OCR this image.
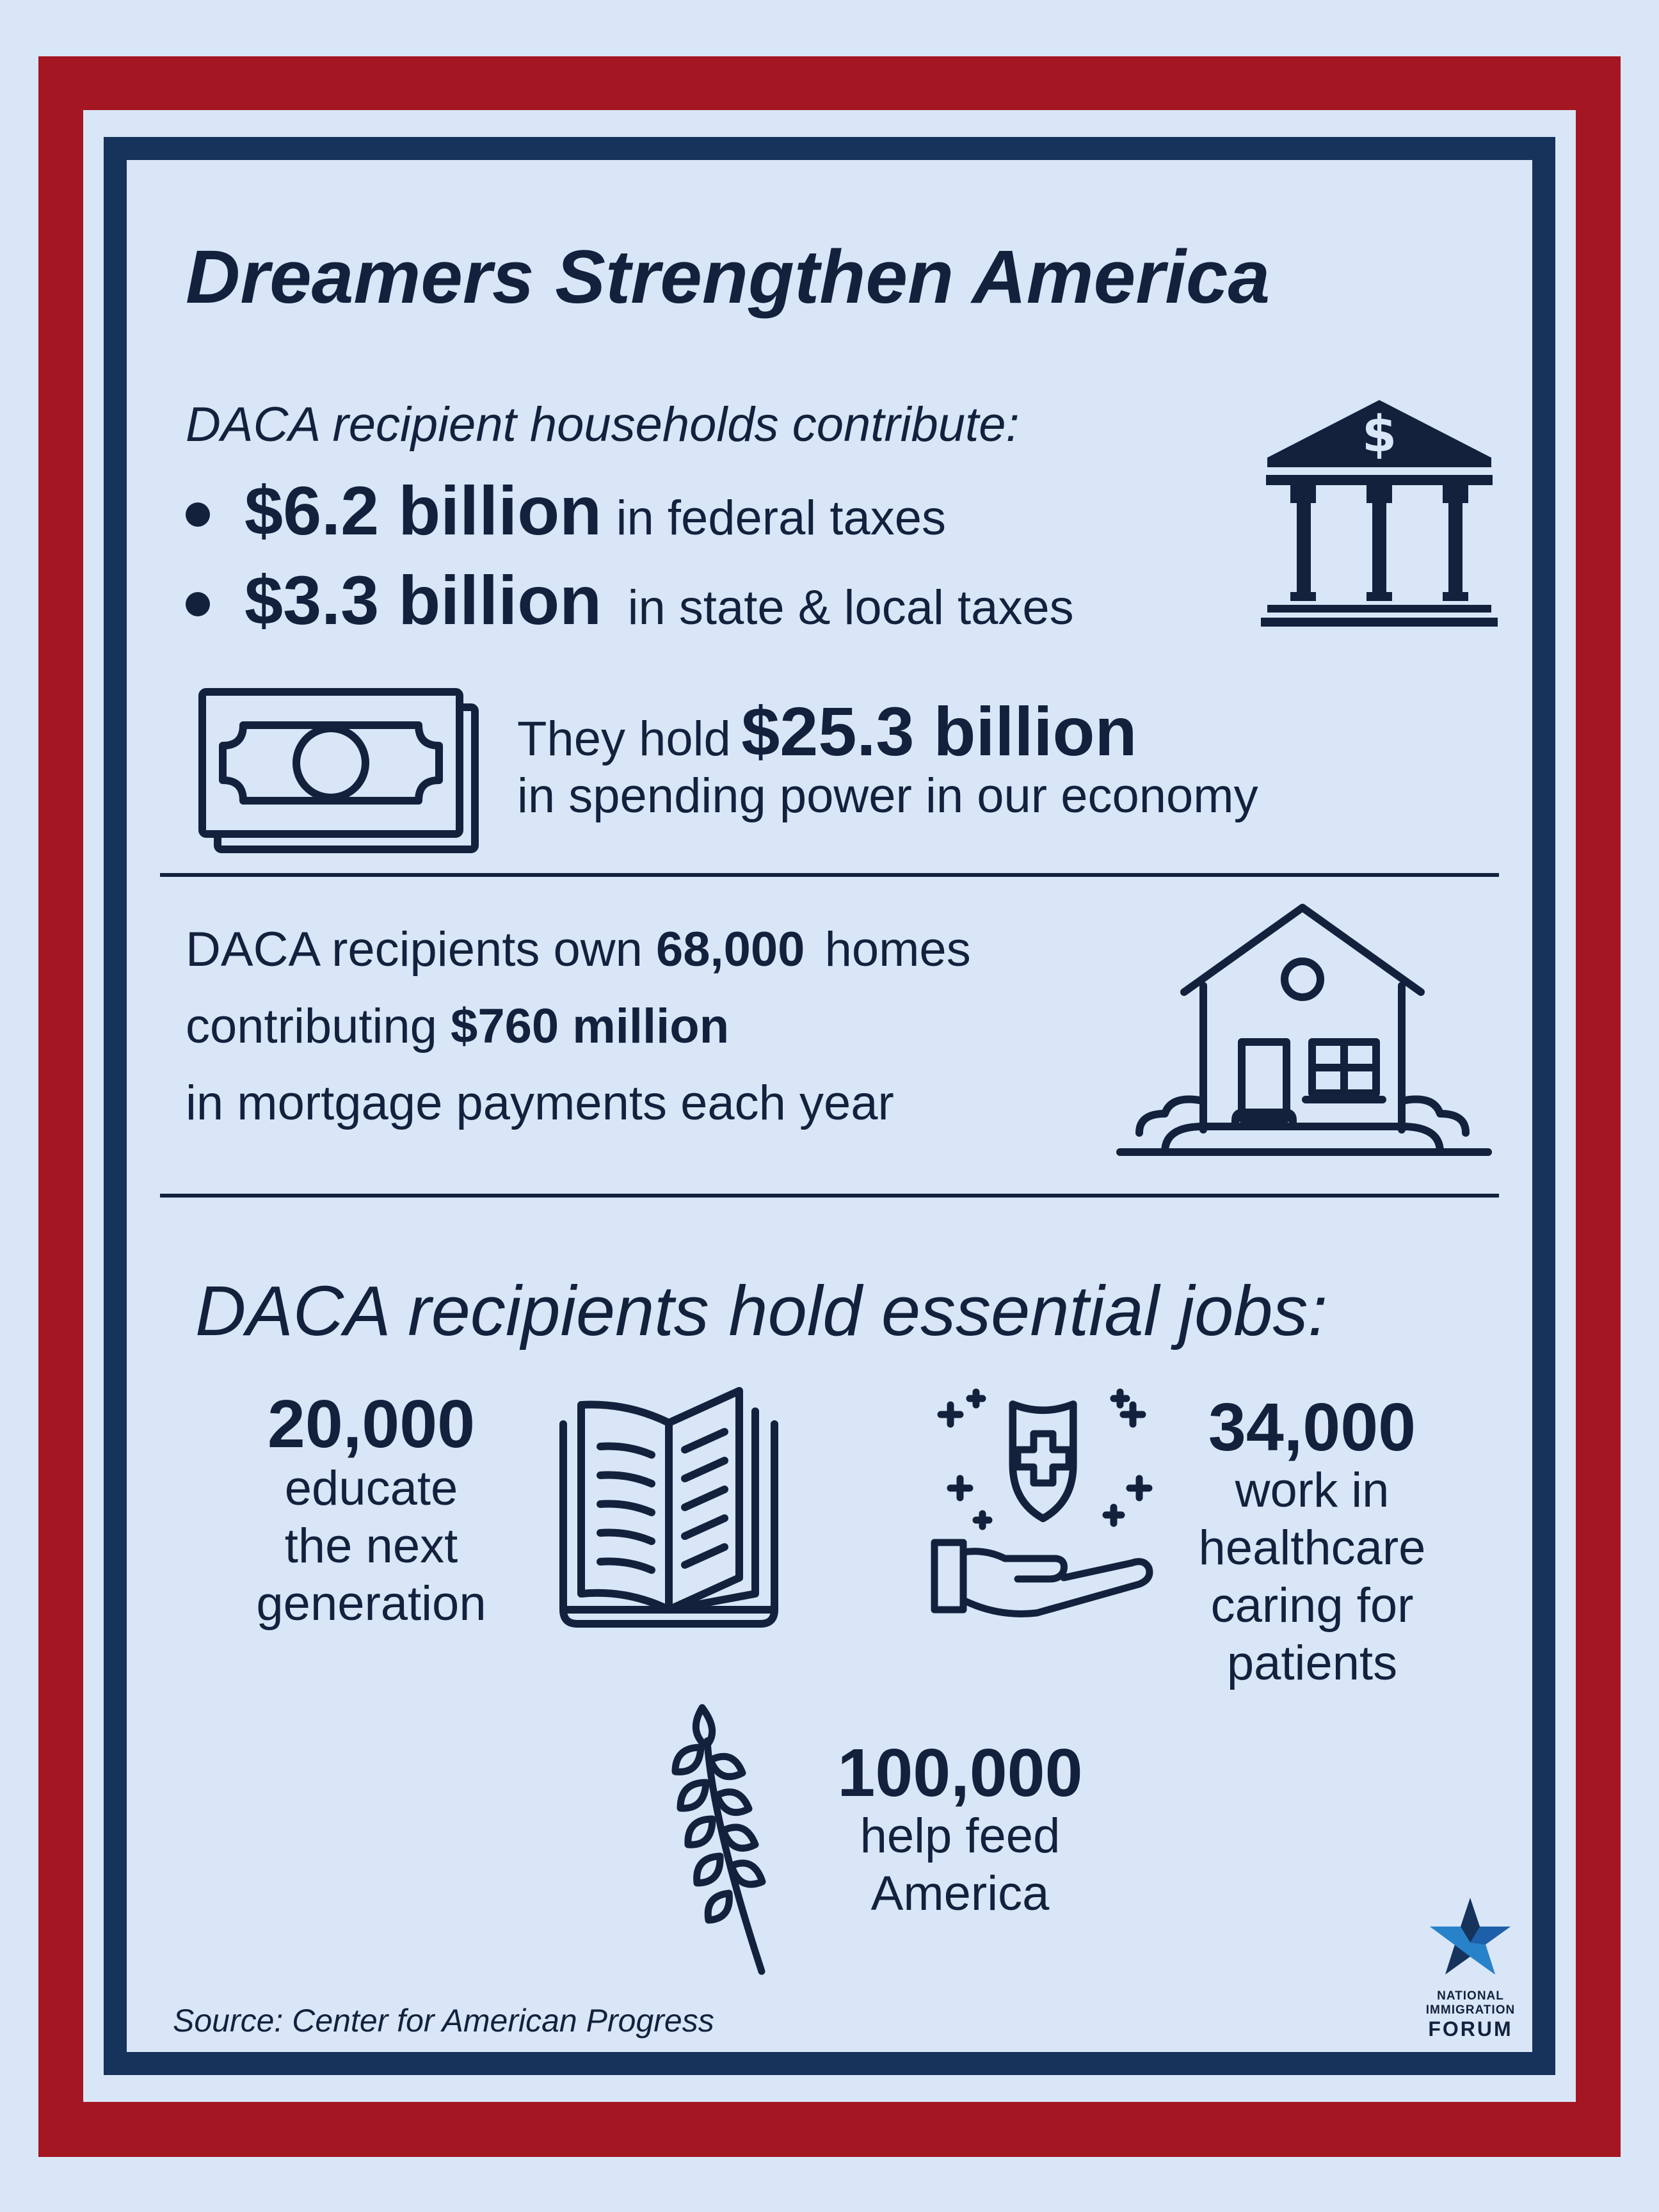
Dreamers Strengthen America
DACA recipient households contribute:
$6.2 billion in federal taxes
$3.3 billion in state & local taxes
$
They hold $25.3 billion
in spending power in our economy
DACA recipients own 68,000 homes
contributing $760 million
in mortgage payments each year
DACA recipients hold essential jobs:
20,000
educate
the next
generation
34,000
work in
healthcare
caring for
patients
100,000
help feed
America
Source: Center for American Progress
NATIONAL
IMMIGRATION
FORUM
